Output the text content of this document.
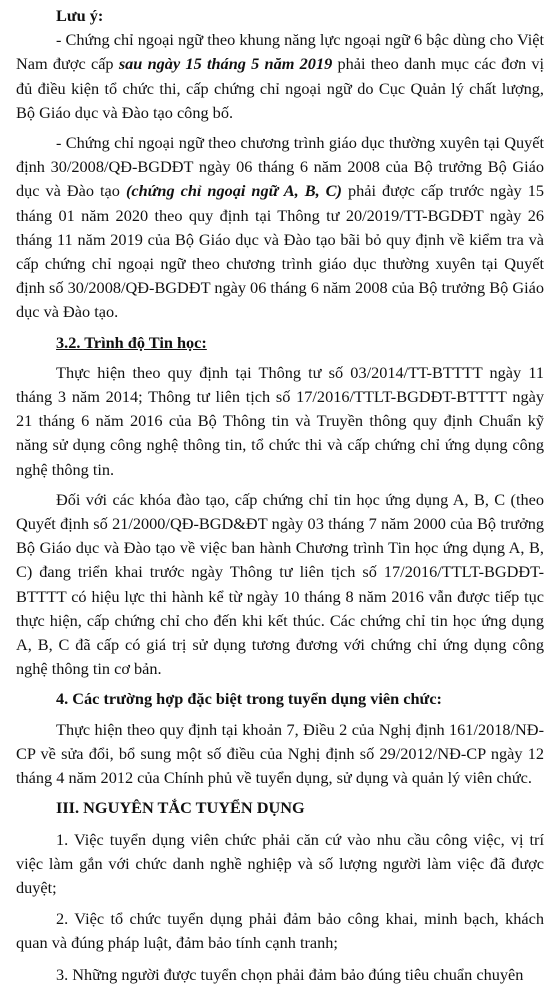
Lưu ý:

- Chứng chỉ ngoại ngữ theo khung năng lực ngoại ngữ 6 bậc dùng cho Việt Nam được cấp sau ngày 15 tháng 5 năm 2019 phải theo danh mục các đơn vị đủ điều kiện tổ chức thi, cấp chứng chỉ ngoại ngữ do Cục Quản lý chất lượng, Bộ Giáo dục và Đào tạo công bố.

- Chứng chỉ ngoại ngữ theo chương trình giáo dục thường xuyên tại Quyết định 30/2008/QĐ-BGDĐT ngày 06 tháng 6 năm 2008 của Bộ trưởng Bộ Giáo dục và Đào tạo (chứng chỉ ngoại ngữ A, B, C) phải được cấp trước ngày 15 tháng 01 năm 2020 theo quy định tại Thông tư 20/2019/TT-BGDĐT ngày 26 tháng 11 năm 2019 của Bộ Giáo dục và Đào tạo bãi bỏ quy định về kiểm tra và cấp chứng chỉ ngoại ngữ theo chương trình giáo dục thường xuyên tại Quyết định số 30/2008/QĐ-BGDĐT ngày 06 tháng 6 năm 2008 của Bộ trưởng Bộ Giáo dục và Đào tạo.

3.2. Trình độ Tin học:

Thực hiện theo quy định tại Thông tư số 03/2014/TT-BTTTT ngày 11 tháng 3 năm 2014; Thông tư liên tịch số 17/2016/TTLT-BGDĐT-BTTTT ngày 21 tháng 6 năm 2016 của Bộ Thông tin và Truyền thông quy định Chuẩn kỹ năng sử dụng công nghệ thông tin, tổ chức thi và cấp chứng chỉ ứng dụng công nghệ thông tin.

Đối với các khóa đào tạo, cấp chứng chỉ tin học ứng dụng A, B, C (theo Quyết định số 21/2000/QĐ-BGD&ĐT ngày 03 tháng 7 năm 2000 của Bộ trưởng Bộ Giáo dục và Đào tạo về việc ban hành Chương trình Tin học ứng dụng A, B, C) đang triển khai trước ngày Thông tư liên tịch số 17/2016/TTLT-BGDĐT-BTTTT có hiệu lực thi hành kể từ ngày 10 tháng 8 năm 2016 vẫn được tiếp tục thực hiện, cấp chứng chỉ cho đến khi kết thúc. Các chứng chỉ tin học ứng dụng A, B, C đã cấp có giá trị sử dụng tương đương với chứng chỉ ứng dụng công nghệ thông tin cơ bản.

4. Các trường hợp đặc biệt trong tuyển dụng viên chức:

Thực hiện theo quy định tại khoản 7, Điều 2 của Nghị định 161/2018/NĐ-CP về sửa đổi, bổ sung một số điều của Nghị định số 29/2012/NĐ-CP ngày 12 tháng 4 năm 2012 của Chính phủ về tuyển dụng, sử dụng và quản lý viên chức.

III. NGUYÊN TẮC TUYỂN DỤNG

1. Việc tuyển dụng viên chức phải căn cứ vào nhu cầu công việc, vị trí việc làm gắn với chức danh nghề nghiệp và số lượng người làm việc đã được duyệt;

2. Việc tổ chức tuyển dụng phải đảm bảo công khai, minh bạch, khách quan và đúng pháp luật, đảm bảo tính cạnh tranh;

3. Những người được tuyển chọn phải đảm bảo đúng tiêu chuẩn chuyên
